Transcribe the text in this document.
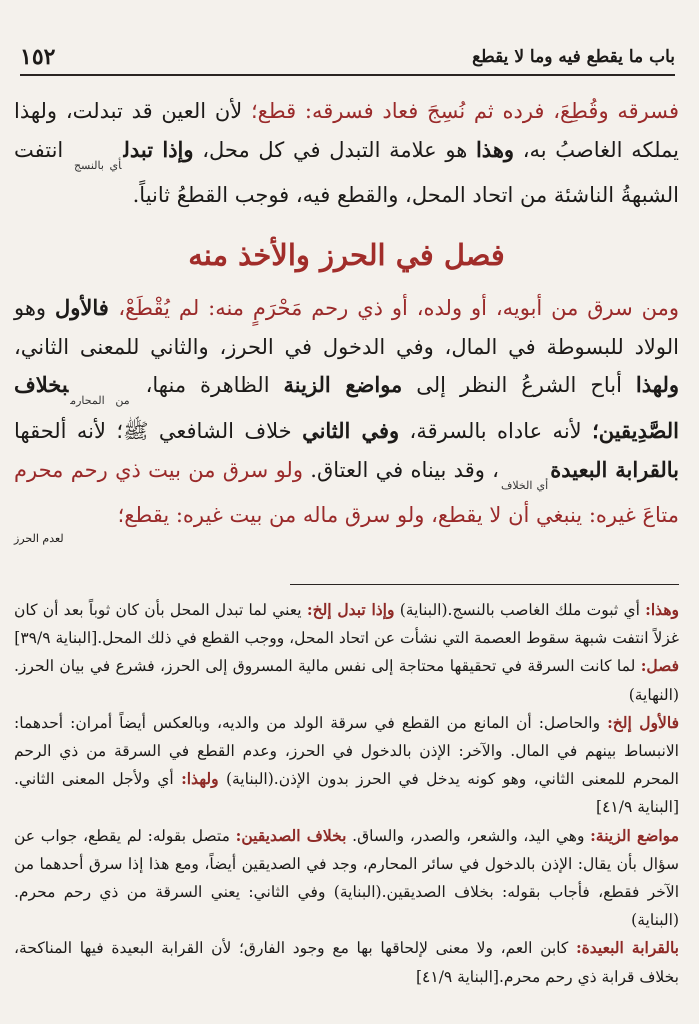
١٥٢	باب ما يقطع فيه وما لا يقطع

فسرقه وقُطِعَ، فرده ثم نُسِجَ فعاد فسرقه: قطع؛ لأن العين قد تبدلت، ولهذا يملكه الغاصبُ به، وهذا هو علامة التبدل في كل محل، وإذا تبدل$_{أي بالنسج}$ انتفت الشبهةُ الناشئة من اتحاد المحل، والقطع فيه، فوجب القطعُ ثانياً.

فصل في الحرز والأخذ منه

ومن سرق من أبويه، أو ولده، أو ذي رحم مَحْرَمٍ منه: لم يُقْطَعْ، فالأول وهو الولاد للبسوطة في المال، وفي الدخول في الحرز، والثاني للمعنى الثاني، ولهذا أباح الشرعُ النظر إلى مواضع الزينة الظاهرة منها، $_{من المحارم}$بخلاف الصَّدِيقين؛ لأنه عاداه بالسرقة، وفي الثاني خلاف الشافعي ﷺ؛ لأنه ألحقها بالقرابة البعيدة$_{أي الخلاف}$، وقد بيناه في العتاق. ولو سرق من بيت ذي رحم محرم متاعَ غيره: ينبغي أن لا يقطع، ولو سرق ماله من بيت غيره: يقطع؛

لعدم الحرز
وهذا: أي ثبوت ملك الغاصب بالنسج.(البناية) وإذا تبدل إلخ: يعني لما تبدل المحل بأن كان ثوباً بعد أن كان غزلاً انتفت شبهة سقوط العصمة التي نشأت عن اتحاد المحل، ووجب القطع في ذلك المحل.[البناية ٣٩/٩]
فصل: لما كانت السرقة في تحقيقها محتاجة إلى نفس مالية المسروق إلى الحرز، فشرع في بيان الحرز. (النهاية)
فالأول إلخ: والحاصل: أن المانع من القطع في سرقة الولد من والديه، وبالعكس أيضاً أمران: أحدهما: الانبساط بينهم في المال. والآخر: الإذن بالدخول في الحرز، وعدم القطع في السرقة من ذي الرحم المحرم للمعنى الثاني، وهو كونه يدخل في الحرز بدون الإذن.(البناية) ولهذا: أي ولأجل المعنى الثاني.[البناية ٤١/٩]
مواضع الزينة: وهي اليد، والشعر، والصدر، والساق. بخلاف الصديقين: متصل بقوله: لم يقطع، جواب عن سؤال بأن يقال: الإذن بالدخول في سائر المحارم، وجد في الصديقين أيضاً، ومع هذا إذا سرق أحدهما من الآخر فقطع، فأجاب بقوله: بخلاف الصديقين.(البناية) وفي الثاني: يعني السرقة من ذي رحم محرم.(البناية)
بالقرابة البعيدة: كابن العم، ولا معنى لإلحاقها بها مع وجود الفارق؛ لأن القرابة البعيدة فيها المناكحة، بخلاف قرابة ذي رحم محرم.[البناية ٤١/٩]
